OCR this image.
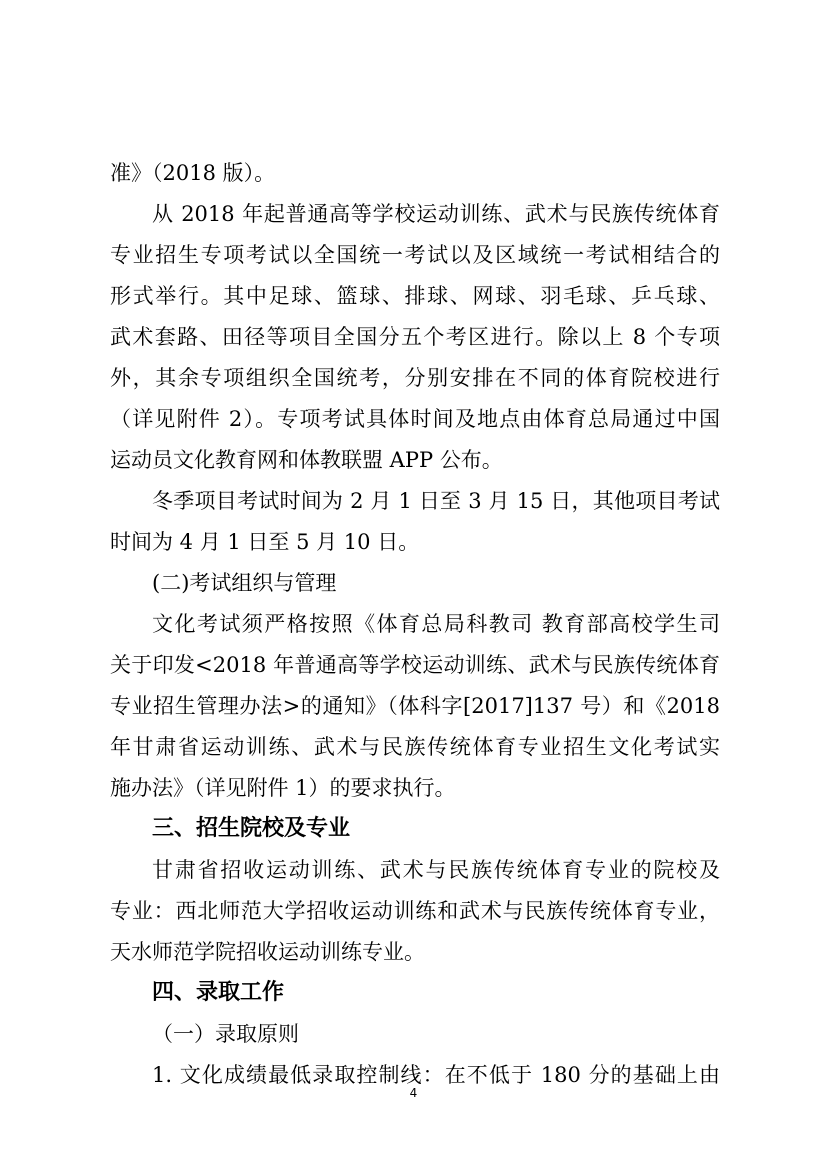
准》（2018 版）。
从 2018 年起普通高等学校运动训练、武术与民族传统体育
专业招生专项考试以全国统一考试以及区域统一考试相结合的
形式举行。其中足球、篮球、排球、网球、羽毛球、乒乓球、
武术套路、田径等项目全国分五个考区进行。除以上 8 个专项
外，其余专项组织全国统考，分别安排在不同的体育院校进行
（详见附件 2）。专项考试具体时间及地点由体育总局通过中国
运动员文化教育网和体教联盟 APP 公布。
冬季项目考试时间为 2 月 1 日至 3 月 15 日，其他项目考试
时间为 4 月 1 日至 5 月 10 日。
(二)考试组织与管理
文化考试须严格按照《体育总局科教司 教育部高校学生司
关于印发<2018 年普通高等学校运动训练、武术与民族传统体育
专业招生管理办法>的通知》（体科字[2017]137 号）和《2018
年甘肃省运动训练、武术与民族传统体育专业招生文化考试实
施办法》（详见附件 1）的要求执行。
三、招生院校及专业
甘肃省招收运动训练、武术与民族传统体育专业的院校及
专业：西北师范大学招收运动训练和武术与民族传统体育专业，
天水师范学院招收运动训练专业。
四、录取工作
（一）录取原则
1. 文化成绩最低录取控制线：在不低于 180 分的基础上由
4
